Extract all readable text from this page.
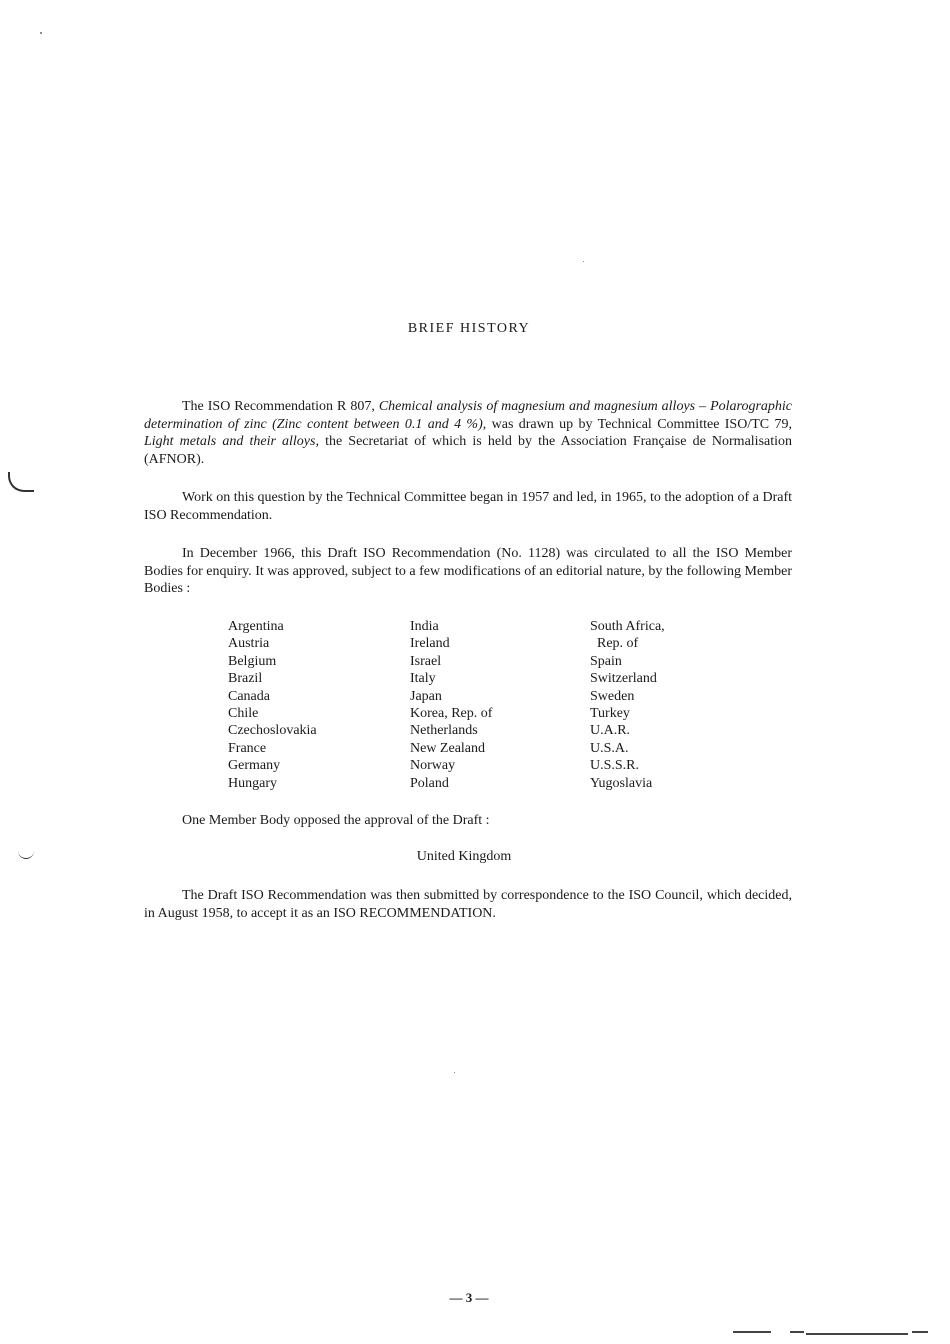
BRIEF HISTORY

The ISO Recommendation R 807, Chemical analysis of magnesium and magnesium alloys – Polarographic determination of zinc (Zinc content between 0.1 and 4 %), was drawn up by Technical Committee ISO/TC 79, Light metals and their alloys, the Secretariat of which is held by the Association Française de Normalisation (AFNOR).

Work on this question by the Technical Committee began in 1957 and led, in 1965, to the adoption of a Draft ISO Recommendation.

In December 1966, this Draft ISO Recommendation (No. 1128) was circulated to all the ISO Member Bodies for enquiry. It was approved, subject to a few modifications of an editorial nature, by the following Member Bodies :

Argentina
Austria
Belgium
Brazil
Canada
Chile
Czechoslovakia
France
Germany
Hungary
India
Ireland
Israel
Italy
Japan
Korea, Rep. of
Netherlands
New Zealand
Norway
Poland
South Africa,
Rep. of
Spain
Switzerland
Sweden
Turkey
U.A.R.
U.S.A.
U.S.S.R.
Yugoslavia

One Member Body opposed the approval of the Draft :

United Kingdom

The Draft ISO Recommendation was then submitted by correspondence to the ISO Council, which decided, in August 1958, to accept it as an ISO RECOMMENDATION.

— 3 —
